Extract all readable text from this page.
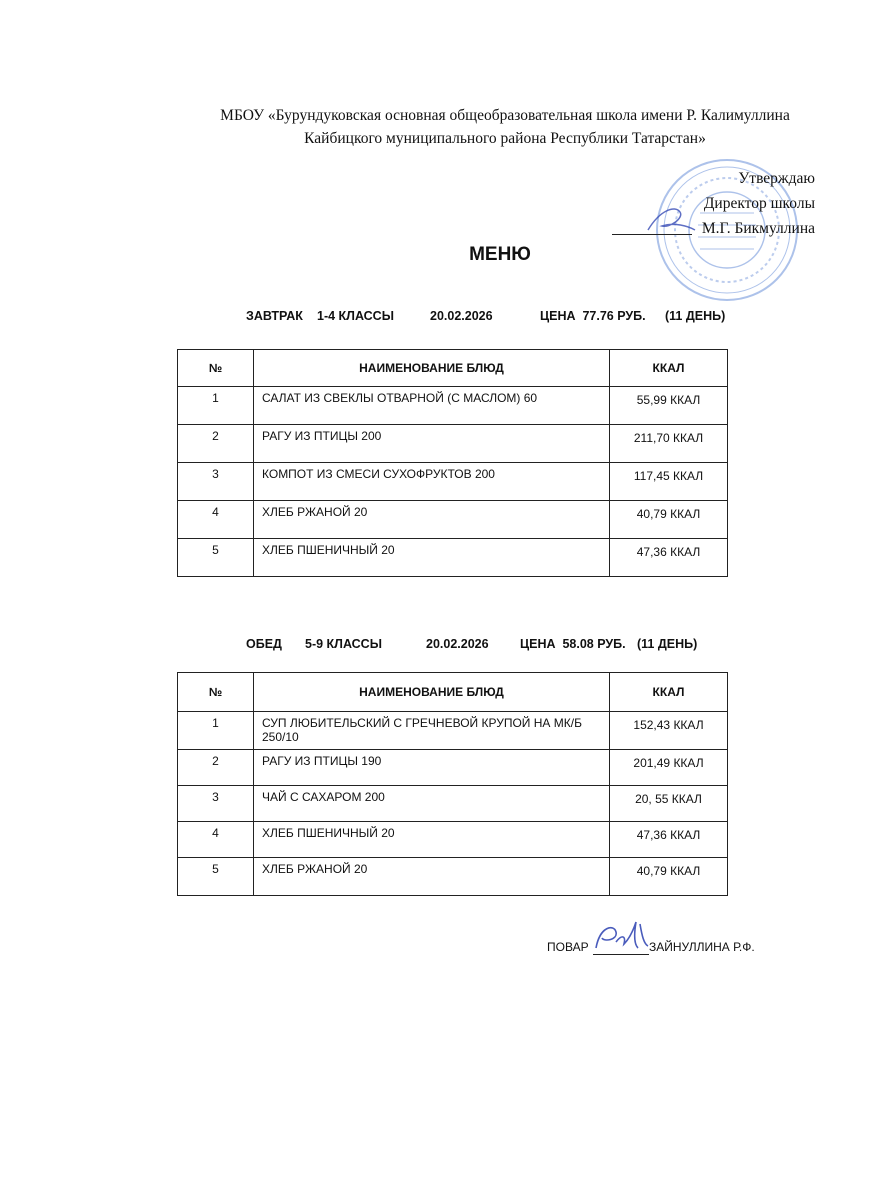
МБОУ «Бурундуковская основная общеобразовательная школа имени Р. Калимуллина
Кайбицкого муниципального района Республики Татарстан»
Утверждаю
Директор школы
М.Г. Бикмуллина
МЕНЮ
ЗАВТРАК 1-4 КЛАССЫ	20.02.2026	ЦЕНА  77.76 РУБ. (11 ДЕНЬ)
№	НАИМЕНОВАНИЕ БЛЮД	ККАЛ
1	САЛАТ ИЗ СВЕКЛЫ ОТВАРНОЙ (С МАСЛОМ) 60	55,99 ККАЛ
2	РАГУ ИЗ ПТИЦЫ 200	211,70 ККАЛ
3	КОМПОТ ИЗ СМЕСИ СУХОФРУКТОВ 200	117,45 ККАЛ
4	ХЛЕБ РЖАНОЙ 20	40,79 ККАЛ
5	ХЛЕБ ПШЕНИЧНЫЙ 20	47,36 ККАЛ
ОБЕД 5-9 КЛАССЫ	20.02.2026	ЦЕНА  58.08 РУБ. (11 ДЕНЬ)
№	НАИМЕНОВАНИЕ БЛЮД	ККАЛ
1	СУП ЛЮБИТЕЛЬСКИЙ С ГРЕЧНЕВОЙ КРУПОЙ НА МК/Б 250/10	152,43 ККАЛ
2	РАГУ ИЗ ПТИЦЫ 190	201,49 ККАЛ
3	ЧАЙ С САХАРОМ 200	20, 55 ККАЛ
4	ХЛЕБ ПШЕНИЧНЫЙ 20	47,36 ККАЛ
5	ХЛЕБ РЖАНОЙ 20	40,79 ККАЛ
ПОВАР	ЗАЙНУЛЛИНА Р.Ф.
